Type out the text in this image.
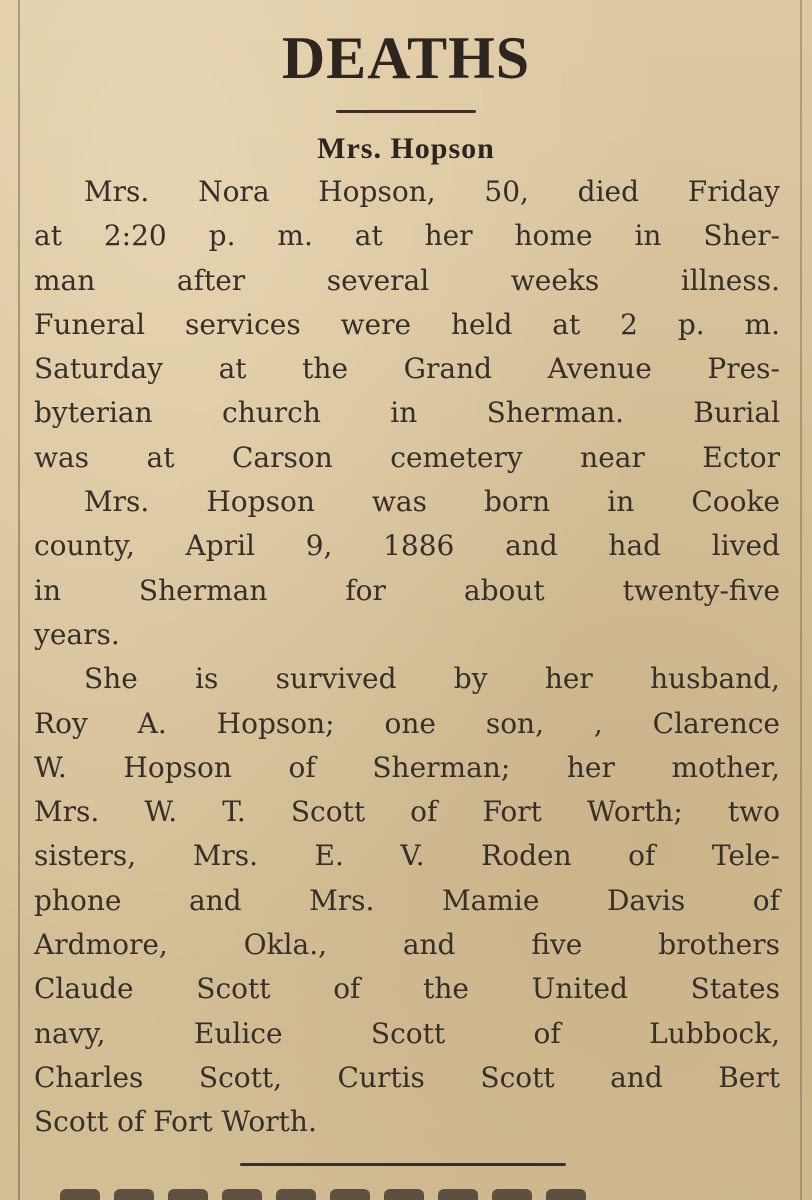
DEATHS
Mrs. Hopson
Mrs. Nora Hopson, 50, died Friday
at 2:20 p. m. at her home in Sher-
man after several weeks illness.
Funeral services were held at 2 p. m.
Saturday at the Grand Avenue Pres-
byterian church in Sherman. Burial
was at Carson cemetery near Ector
Mrs. Hopson was born in Cooke
county, April 9, 1886 and had lived
in Sherman for about twenty-five
years.
She is survived by her husband,
Roy A. Hopson; one son, , Clarence
W. Hopson of Sherman; her mother,
Mrs. W. T. Scott of Fort Worth; two
sisters, Mrs. E. V. Roden of Tele-
phone and Mrs. Mamie Davis of
Ardmore, Okla., and five brothers
Claude Scott of the United States
navy, Eulice Scott of Lubbock,
Charles Scott, Curtis Scott and Bert
Scott of Fort Worth.
